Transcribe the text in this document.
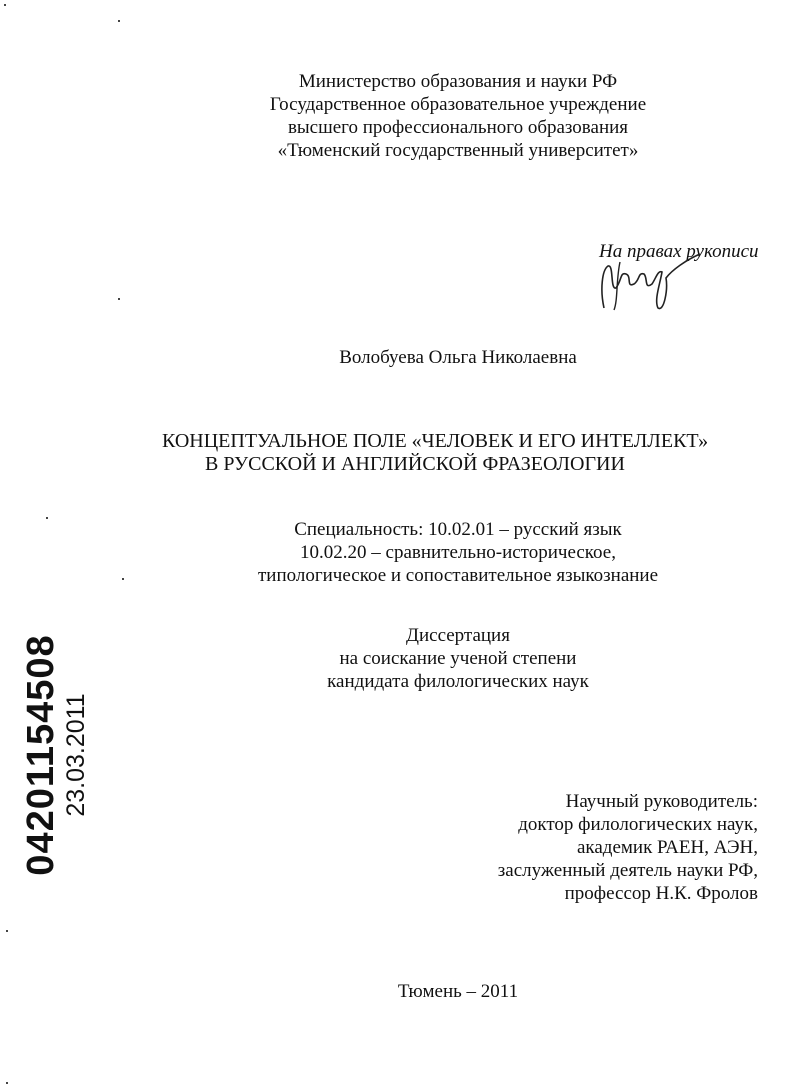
Министерство образования и науки РФ
Государственное образовательное учреждение
высшего профессионального образования
«Тюменский государственный университет»
На правах рукописи
Волобуева Ольга Николаевна
КОНЦЕПТУАЛЬНОЕ ПОЛЕ «ЧЕЛОВЕК И ЕГО ИНТЕЛЛЕКТ»
В РУССКОЙ И АНГЛИЙСКОЙ ФРАЗЕОЛОГИИ
Специальность: 10.02.01 – русский язык
10.02.20 – сравнительно-историческое,
типологическое и сопоставительное языкознание
Диссертация
на соискание ученой степени
кандидата филологических наук
Научный руководитель:
доктор филологических наук,
академик РАЕН, АЭН,
заслуженный деятель науки РФ,
профессор Н.К. Фролов
Тюмень – 2011
04201154508 23.03.2011
